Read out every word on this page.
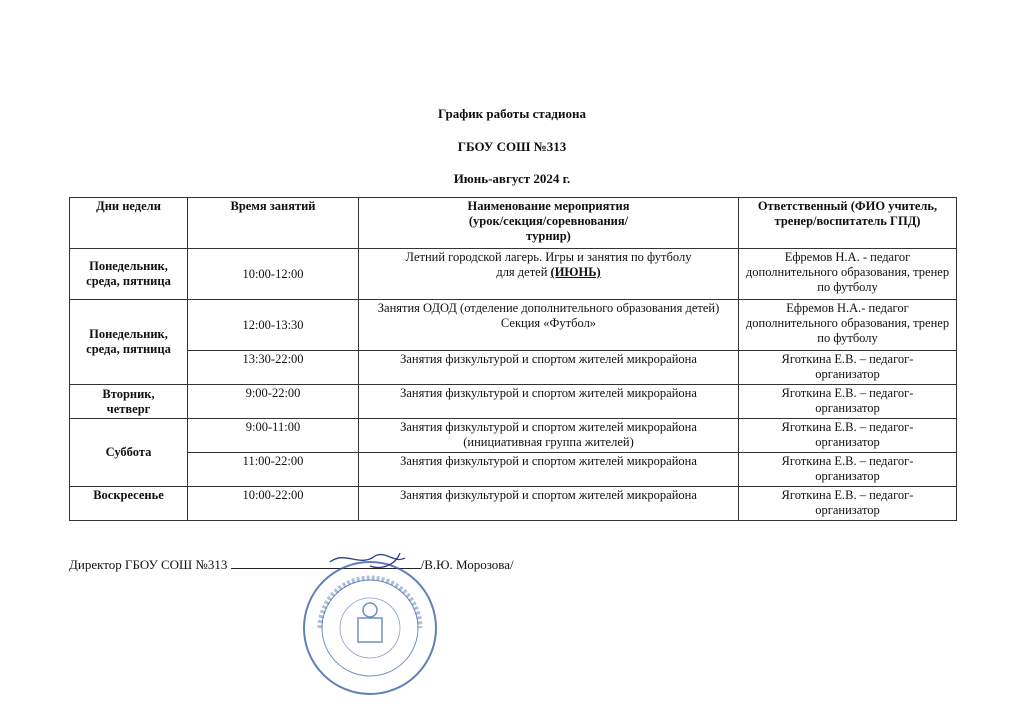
График работы стадиона
ГБОУ СОШ №313
Июнь-август 2024 г.
Дни недели	Время занятий	Наименование мероприятия (урок/секция/соревнования/турнир)	Ответственный (ФИО учитель, тренер/воспитатель ГПД)
Понедельник, среда, пятница	10:00-12:00	Летний городской лагерь. Игры и занятия по футболу для детей (ИЮНЬ)	Ефремов Н.А. - педагог дополнительного образования, тренер по футболу
Понедельник, среда, пятница	12:00-13:30	Занятия ОДОД (отделение дополнительного образования детей) Секция «Футбол»	Ефремов Н.А.- педагог дополнительного образования, тренер по футболу
	13:30-22:00	Занятия физкультурой и спортом жителей микрорайона	Яготкина Е.В. – педагог-организатор
Вторник, четверг	9:00-22:00	Занятия физкультурой и спортом жителей микрорайона	Яготкина Е.В. – педагог-организатор
Суббота	9:00-11:00	Занятия физкультурой и спортом жителей микрорайона (инициативная группа жителей)	Яготкина Е.В. – педагог-организатор
	11:00-22:00	Занятия физкультурой и спортом жителей микрорайона	Яготкина Е.В. – педагог-организатор
Воскресенье	10:00-22:00	Занятия физкультурой и спортом жителей микрорайона	Яготкина Е.В. – педагог-организатор
Директор ГБОУ СОШ №313	/В.Ю. Морозова/
